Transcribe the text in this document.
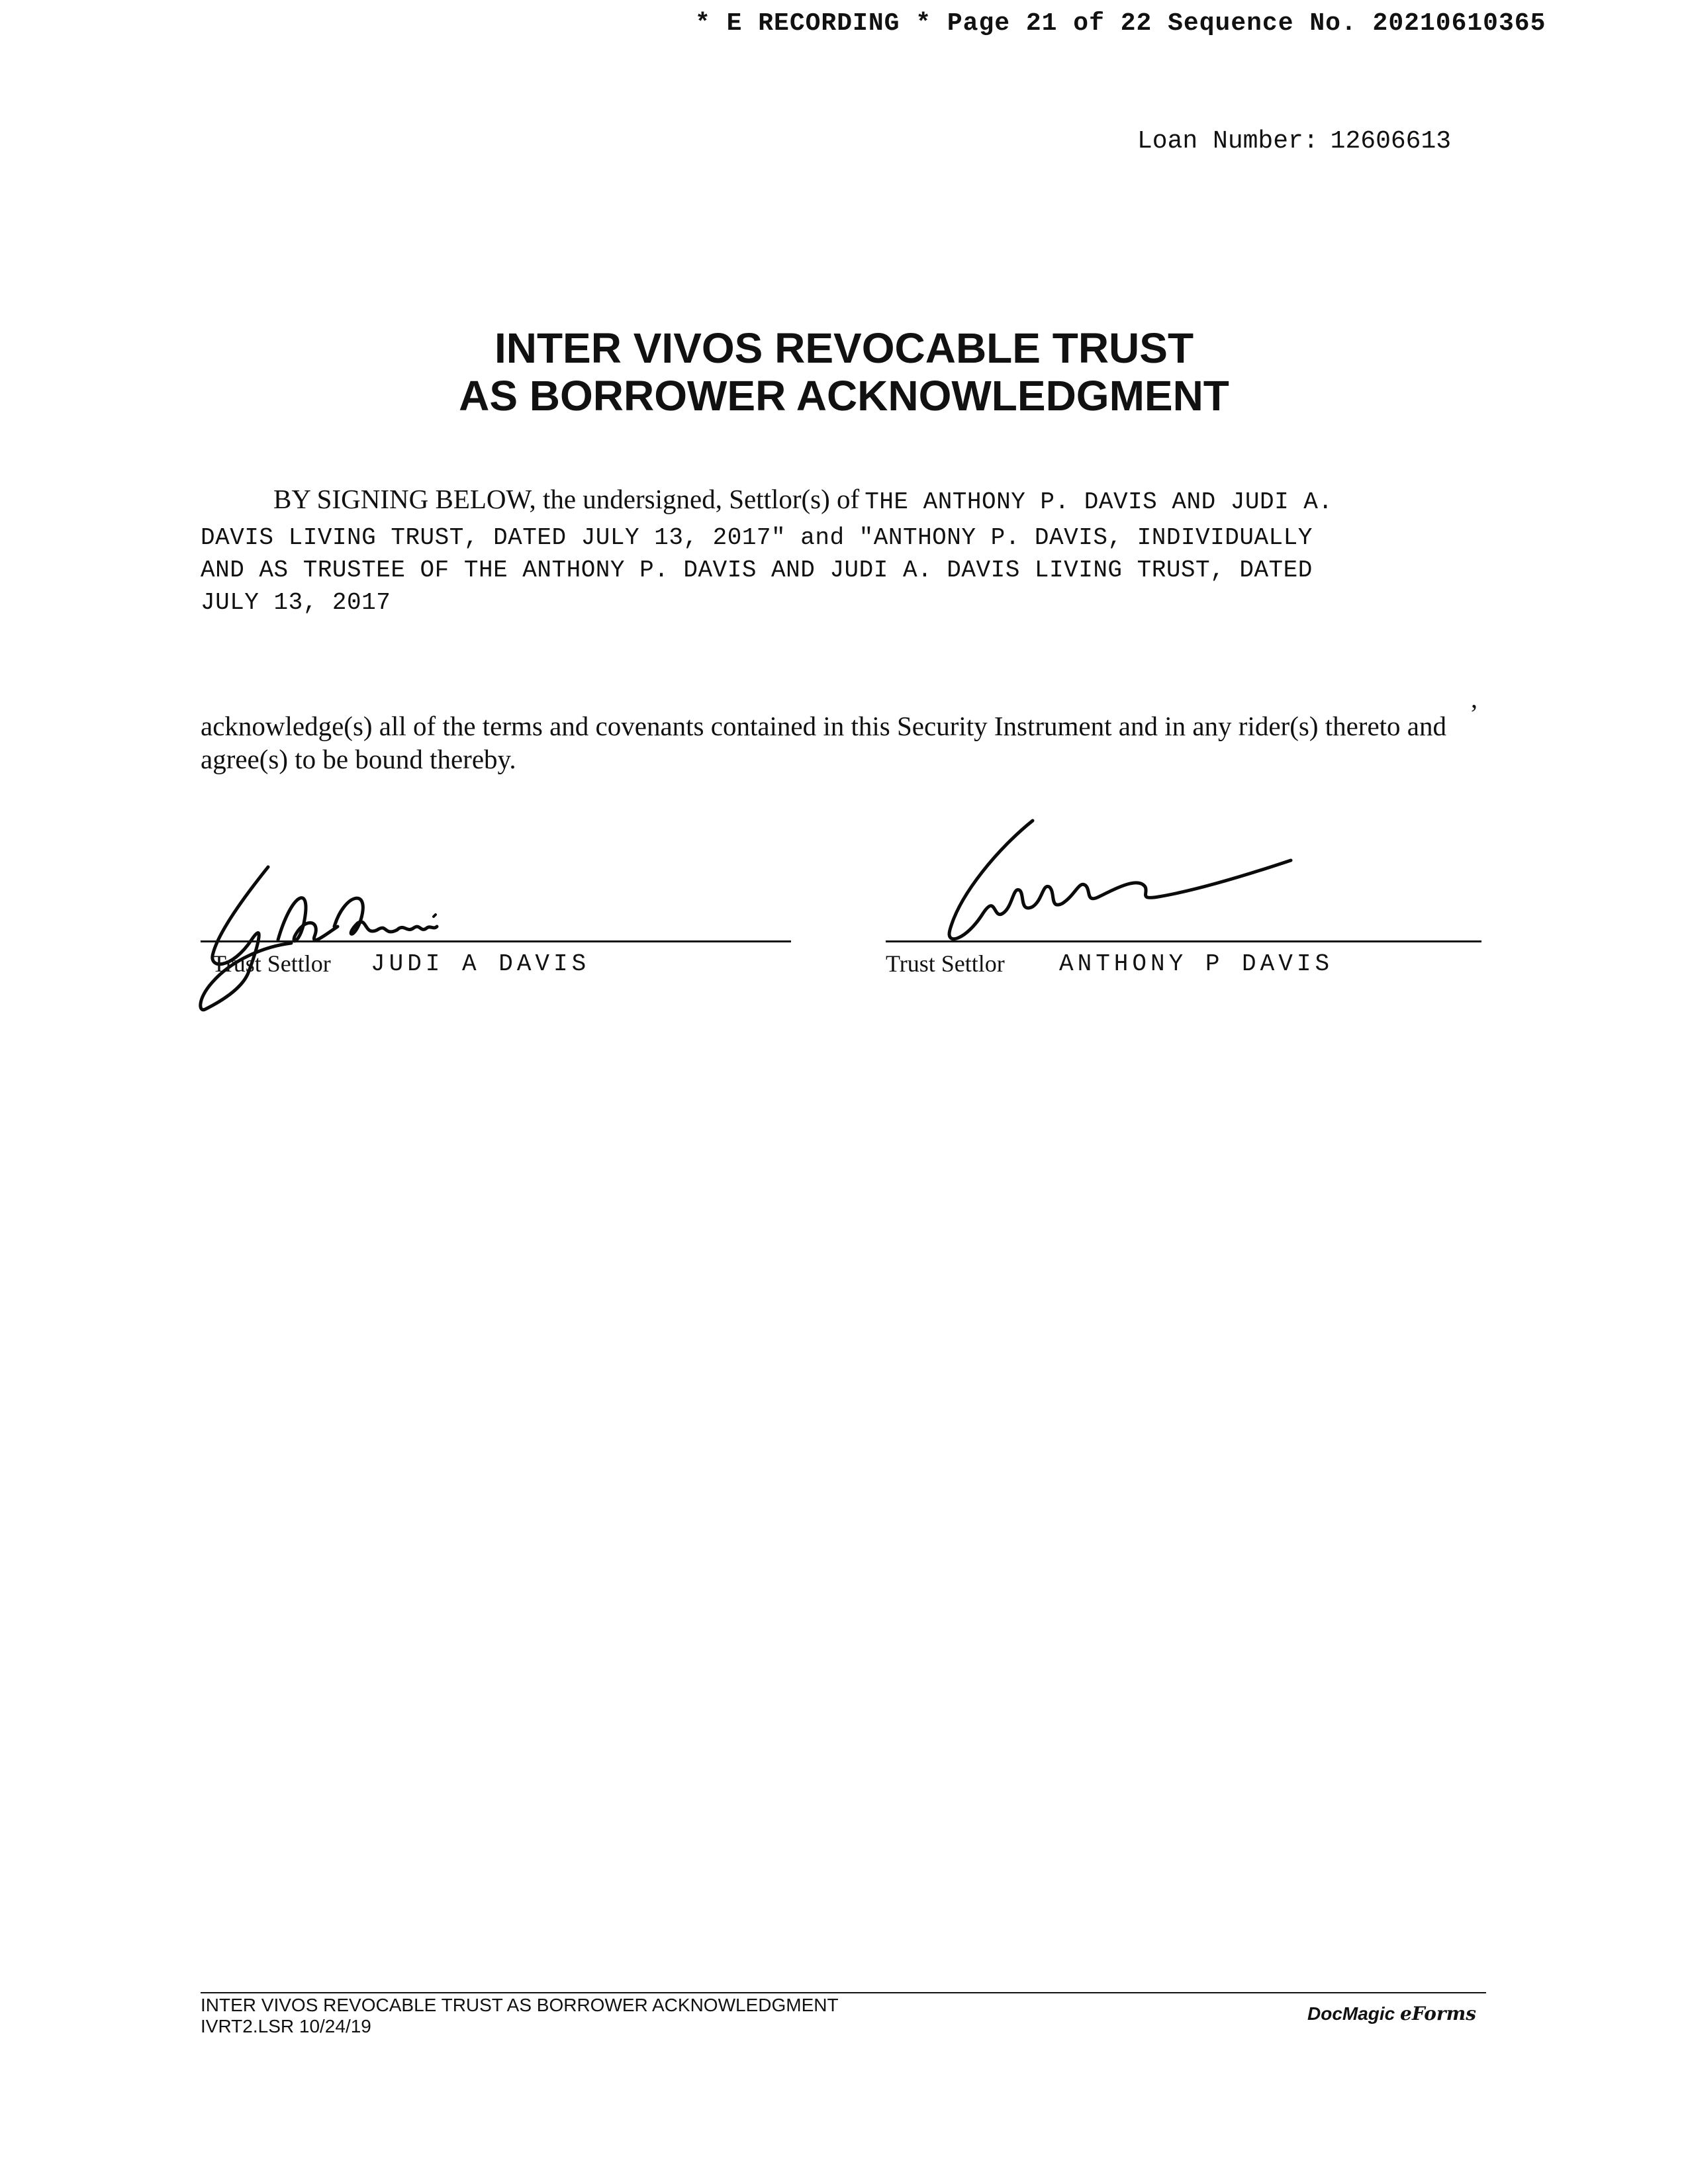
* E RECORDING * Page 21 of 22 Sequence No. 20210610365
Loan Number: 12606613
INTER VIVOS REVOCABLE TRUST
AS BORROWER ACKNOWLEDGMENT
BY SIGNING BELOW, the undersigned, Settlor(s) of THE ANTHONY P. DAVIS AND JUDI A.
DAVIS LIVING TRUST, DATED JULY 13, 2017" and "ANTHONY P. DAVIS, INDIVIDUALLY
AND AS TRUSTEE OF THE ANTHONY P. DAVIS AND JUDI A. DAVIS LIVING TRUST, DATED
JULY 13, 2017
,
acknowledge(s) all of the terms and covenants contained in this Security Instrument and in any rider(s) thereto and
agree(s) to be bound thereby.
Trust Settlor JUDI A DAVIS	Trust Settlor ANTHONY P DAVIS
INTER VIVOS REVOCABLE TRUST AS BORROWER ACKNOWLEDGMENT
IVRT2.LSR 10/24/19
DocMagic eForms
